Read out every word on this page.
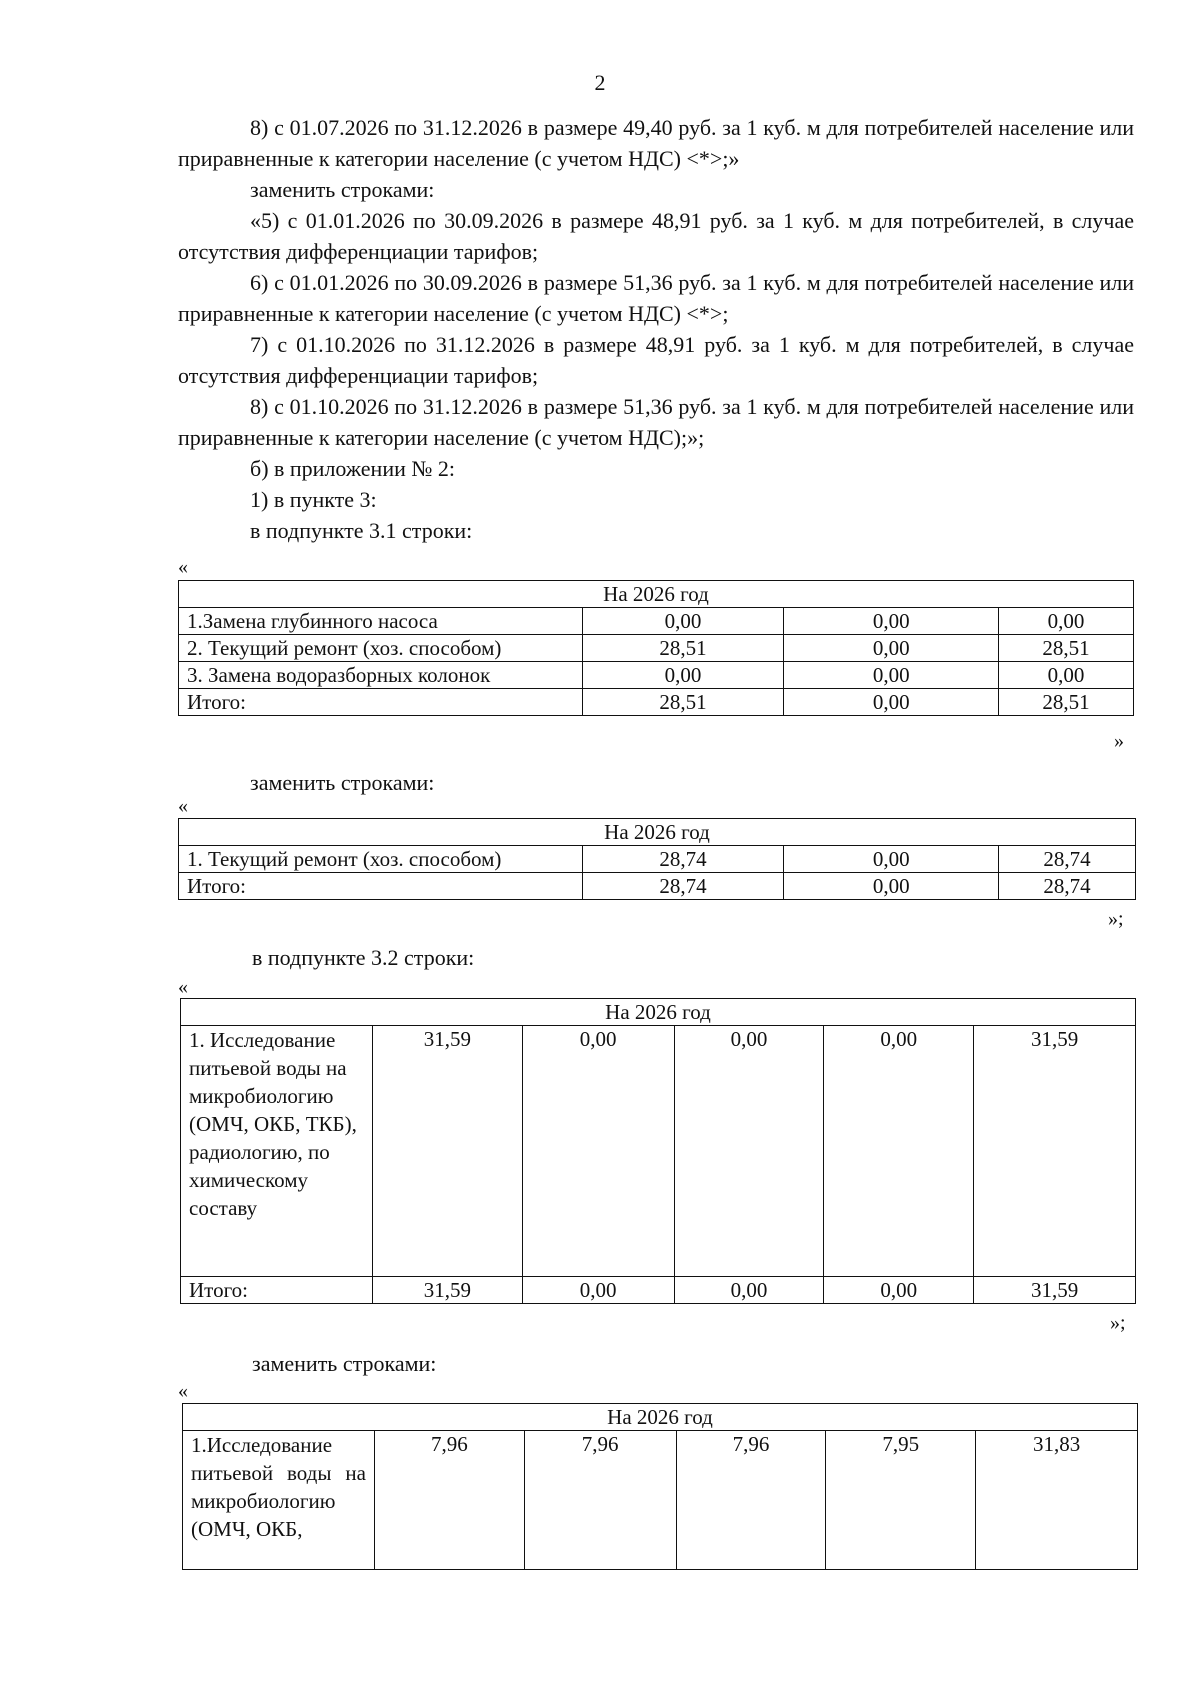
2

8) с 01.07.2026 по 31.12.2026 в размере 49,40 руб. за 1 куб. м для потребителей население или приравненные к категории население (с учетом НДС) <*>;»

заменить строками:

«5) с 01.01.2026 по 30.09.2026 в размере 48,91 руб. за 1 куб. м для потребителей, в случае отсутствия дифференциации тарифов;

6) с 01.01.2026 по 30.09.2026 в размере 51,36 руб. за 1 куб. м для потребителей население или приравненные к категории население (с учетом НДС) <*>;

7) с 01.10.2026 по 31.12.2026 в размере 48,91 руб. за 1 куб. м для потребителей, в случае отсутствия дифференциации тарифов;

8) с 01.10.2026 по 31.12.2026 в размере 51,36 руб. за 1 куб. м для потребителей население или приравненные к категории население (с учетом НДС);»;

б) в приложении № 2:

1) в пункте 3:

в подпункте 3.1 строки:

«
На 2026 год			
1.Замена глубинного насоса	0,00	0,00	0,00
2. Текущий ремонт (хоз. способом)	28,51	0,00	28,51
3. Замена водоразборных колонок	0,00	0,00	0,00
Итого:	28,51	0,00	28,51
»
заменить строками:
«
На 2026 год			
1. Текущий ремонт (хоз. способом)	28,74	0,00	28,74
Итого:	28,74	0,00	28,74
»;
в подпункте 3.2 строки:
«
На 2026 год					
1. Исследование питьевой воды на микробиологию (ОМЧ, ОКБ, ТКБ), радиологию, по химическому составу	31,59	0,00	0,00	0,00	31,59
Итого:	31,59	0,00	0,00	0,00	31,59
»;
заменить строками:
«
На 2026 год
1.Исследование питьевой воды на микробиологию (ОМЧ, ОКБ,	7,96	7,96	7,96	7,95	31,83
